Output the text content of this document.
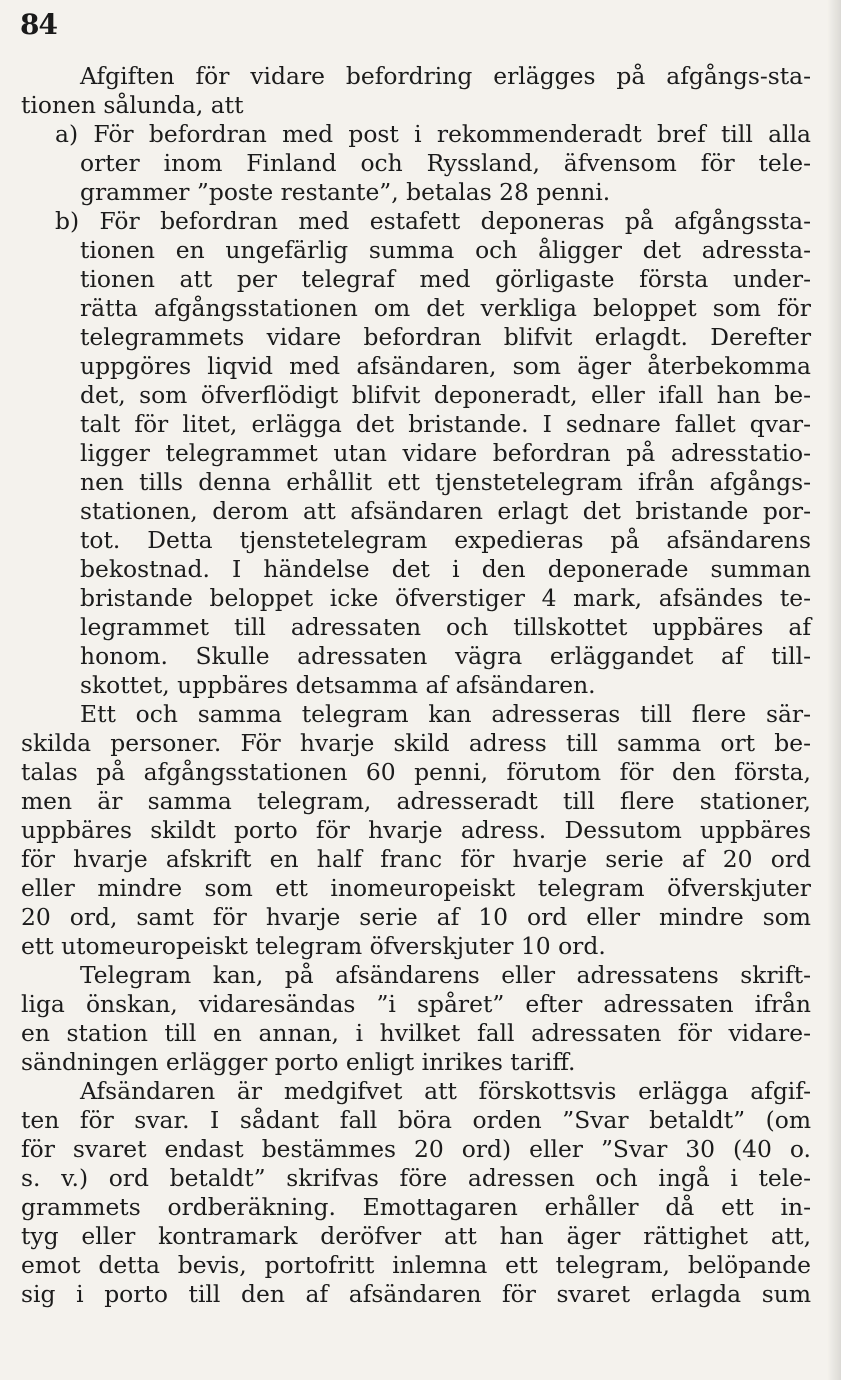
84
Afgiften för vidare befordring erlägges på afgångs-sta-
tionen sålunda, att
a) För befordran med post i rekommenderadt bref till alla
orter inom Finland och Ryssland, äfvensom för tele-
grammer ”poste restante”, betalas 28 penni.
b) För befordran med estafett deponeras på afgångssta-
tionen en ungefärlig summa och åligger det adressta-
tionen att per telegraf med görligaste första under-
rätta afgångsstationen om det verkliga beloppet som för
telegrammets vidare befordran blifvit erlagdt. Derefter
uppgöres liqvid med afsändaren, som äger återbekomma
det, som öfverflödigt blifvit deponeradt, eller ifall han be-
talt för litet, erlägga det bristande. I sednare fallet qvar-
ligger telegrammet utan vidare befordran på adresstatio-
nen tills denna erhållit ett tjenstetelegram ifrån afgångs-
stationen, derom att afsändaren erlagt det bristande por-
tot. Detta tjenstetelegram expedieras på afsändarens
bekostnad. I händelse det i den deponerade summan
bristande beloppet icke öfverstiger 4 mark, afsändes te-
legrammet till adressaten och tillskottet uppbäres af
honom. Skulle adressaten vägra erläggandet af till-
skottet, uppbäres detsamma af afsändaren.
Ett och samma telegram kan adresseras till flere sär-
skilda personer. För hvarje skild adress till samma ort be-
talas på afgångsstationen 60 penni, förutom för den första,
men är samma telegram, adresseradt till flere stationer,
uppbäres skildt porto för hvarje adress. Dessutom uppbäres
för hvarje afskrift en half franc för hvarje serie af 20 ord
eller mindre som ett inomeuropeiskt telegram öfverskjuter
20 ord, samt för hvarje serie af 10 ord eller mindre som
ett utomeuropeiskt telegram öfverskjuter 10 ord.
Telegram kan, på afsändarens eller adressatens skrift-
liga önskan, vidaresändas ”i spåret” efter adressaten ifrån
en station till en annan, i hvilket fall adressaten för vidare-
sändningen erlägger porto enligt inrikes tariff.
Afsändaren är medgifvet att förskottsvis erlägga afgif-
ten för svar. I sådant fall böra orden ”Svar betaldt” (om
för svaret endast bestämmes 20 ord) eller ”Svar 30 (40 o.
s. v.) ord betaldt” skrifvas före adressen och ingå i tele-
grammets ordberäkning. Emottagaren erhåller då ett in-
tyg eller kontramark deröfver att han äger rättighet att,
emot detta bevis, portofritt inlemna ett telegram, belöpande
sig i porto till den af afsändaren för svaret erlagda sum
